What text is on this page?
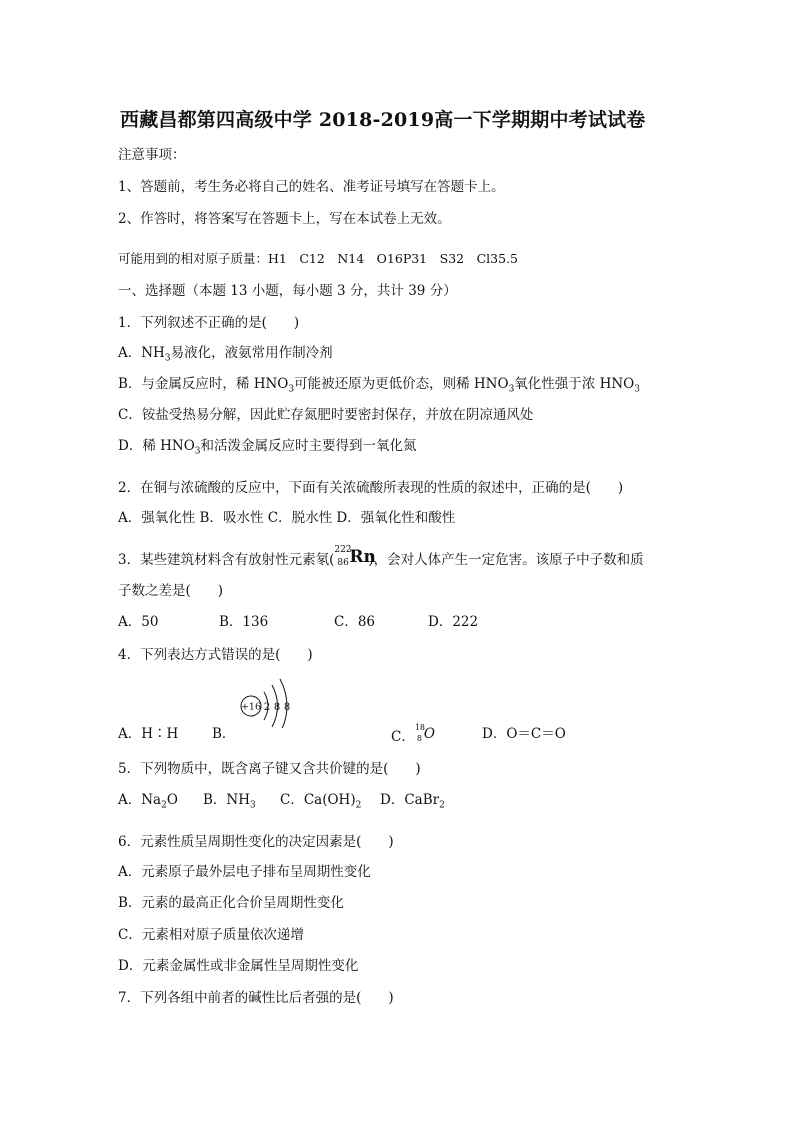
西藏昌都第四高级中学 2018-2019高一下学期期中考试试卷
注意事项：
1、答题前，考生务必将自己的姓名、准考证号填写在答题卡上。
2、作答时，将答案写在答题卡上，写在本试卷上无效。
可能用到的相对原子质量：H1　C12　N14　O16P31　S32　Cl35.5
一、选择题（本题 13 小题，每小题 3 分，共计 39 分）
1．下列叙述不正确的是(　　)
A．$NH_3$易液化，液氨常用作制冷剂
B．与金属反应时，稀 $HNO_3$可能被还原为更低价态，则稀 $HNO_3$氧化性强于浓 $HNO_3$
C．铵盐受热易分解，因此贮存氮肥时要密封保存，并放在阴凉通风处
D．稀 $HNO_3$和活泼金属反应时主要得到一氧化氮
2．在铜与浓硫酸的反应中，下面有关浓硫酸所表现的性质的叙述中，正确的是(　　)
A．强氧化性 B．吸水性 C．脱水性 D．强氧化性和酸性
3．某些建筑材料含有放射性元素氡(
222
86 Rn
)，会对人体产生一定危害。该原子中子数和质
子数之差是(　　)
A．50	B．136	C．86	D．222
4．下列表达方式错误的是(　　)
+16 2 8 8
A．H∶H B．	C．
18
8 O	D．O＝C＝O
5．下列物质中，既含离子键又含共价键的是(　　)
A．$Na_2O$ B．$NH_3$ C．$Ca(OH)_2$ D．CaBr$_2$
6．元素性质呈周期性变化的决定因素是(　　)
A．元素原子最外层电子排布呈周期性变化
B．元素的最高正化合价呈周期性变化
C．元素相对原子质量依次递增
D．元素金属性或非金属性呈周期性变化
7．下列各组中前者的碱性比后者强的是(　　)
